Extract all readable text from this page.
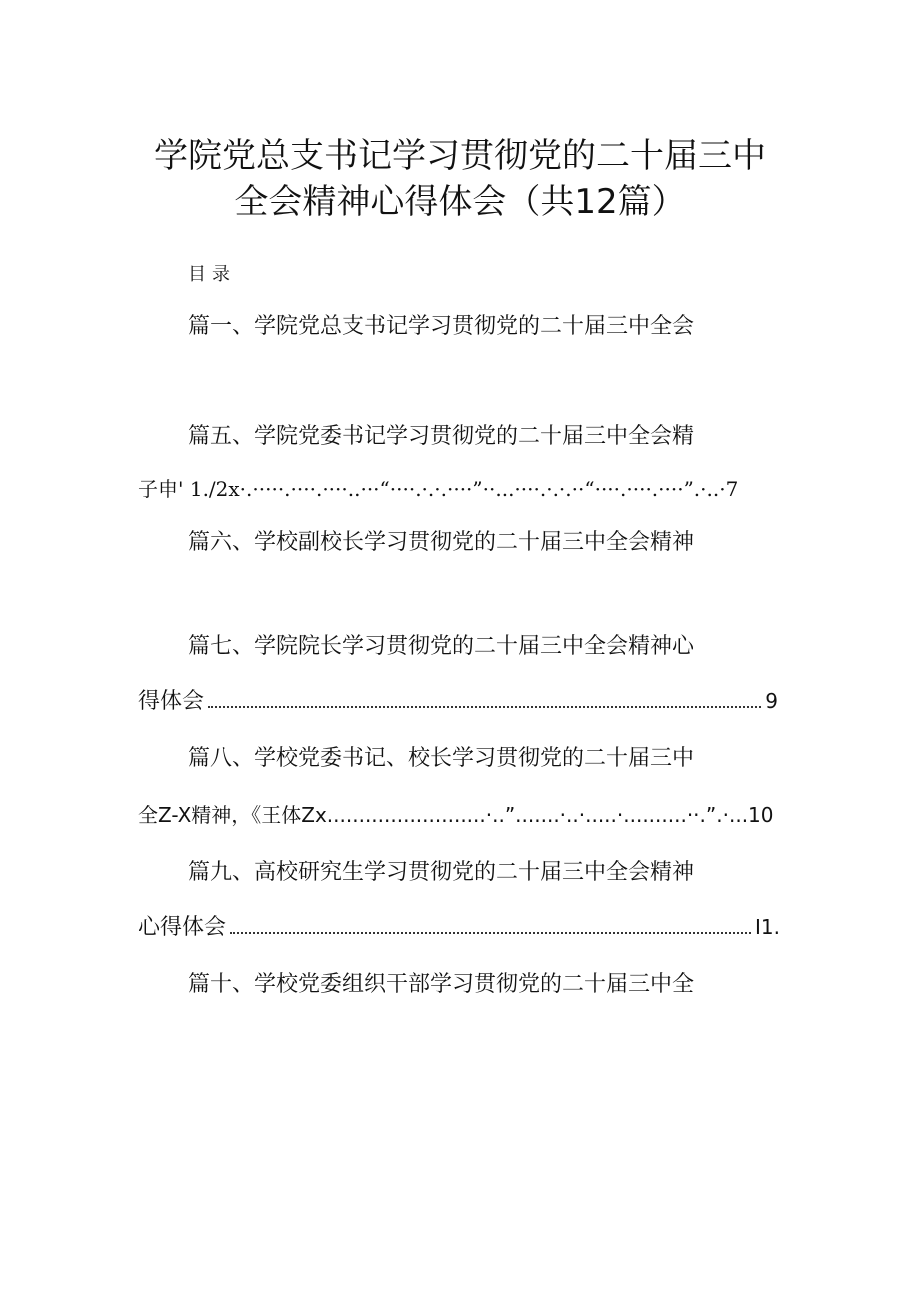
学院党总支书记学习贯彻党的二十届三中
全会精神心得体会（共12篇）
目录
篇一、学院党总支书记学习贯彻党的二十届三中全会
篇五、学院党委书记学习贯彻党的二十届三中全会精
子申' 1./2x·.·····.····.····..···“····.·.·.····”··...····.·.·.··“····.····.····”.·..·7
篇六、学校副校长学习贯彻党的二十届三中全会精神
篇七、学院院长学习贯彻党的二十届三中全会精神心
得体会	9
篇八、学校党委书记、校长学习贯彻党的二十届三中
全Z-X精神，《王体Zx.........................·..”.......·..·.....·..........··.”.·...10
篇九、高校研究生学习贯彻党的二十届三中全会精神
心得体会	I1.
篇十、学校党委组织干部学习贯彻党的二十届三中全
